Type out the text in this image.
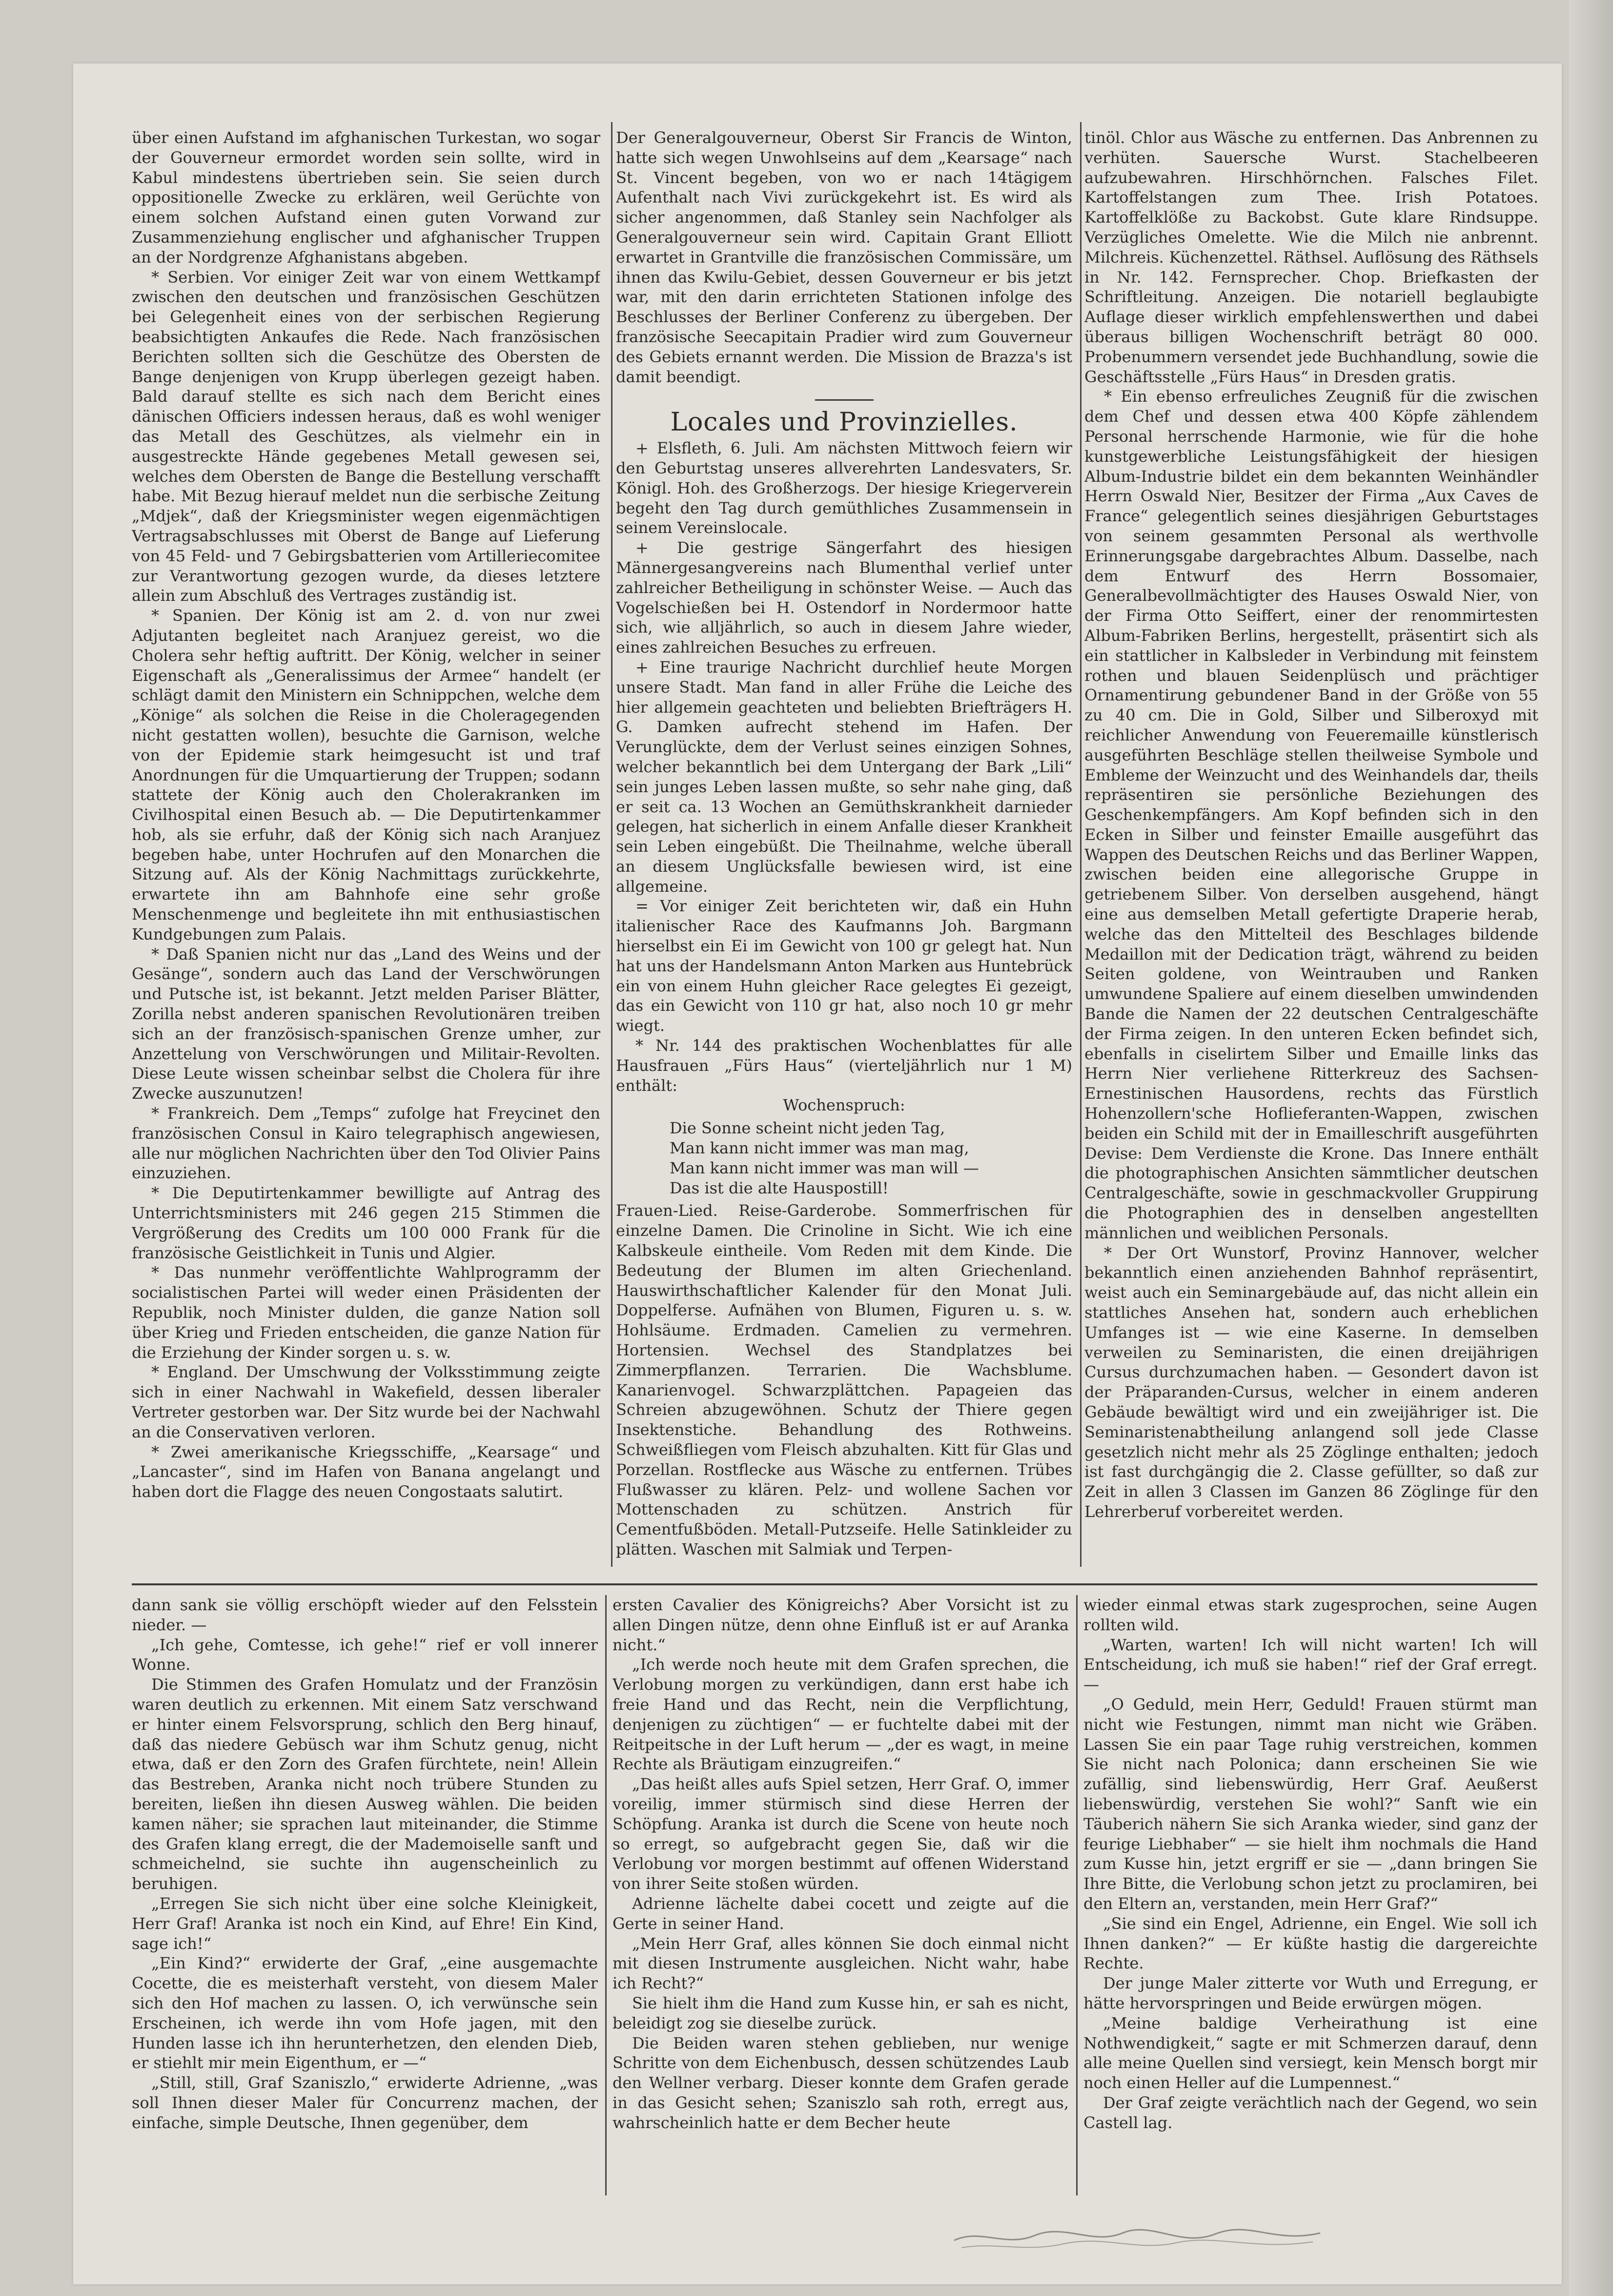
über einen Aufstand im afghanischen Turkestan, wo sogar der Gouverneur ermordet worden sein sollte, wird in Kabul mindestens übertrieben sein. Sie seien durch oppositionelle Zwecke zu erklären, weil Gerüchte von einem solchen Aufstand einen guten Vorwand zur Zusammenziehung englischer und afghanischer Truppen an der Nordgrenze Afghanistans abgeben.

* Serbien. Vor einiger Zeit war von einem Wettkampf zwischen den deutschen und französischen Geschützen bei Gelegenheit eines von der serbischen Regierung beabsichtigten Ankaufes die Rede. Nach französischen Berichten sollten sich die Geschütze des Obersten de Bange denjenigen von Krupp überlegen gezeigt haben. Bald darauf stellte es sich nach dem Bericht eines dänischen Officiers indessen heraus, daß es wohl weniger das Metall des Geschützes, als vielmehr ein in ausgestreckte Hände gegebenes Metall gewesen sei, welches dem Obersten de Bange die Bestellung verschafft habe. Mit Bezug hierauf meldet nun die serbische Zeitung „Mdjek“, daß der Kriegsminister wegen eigenmächtigen Vertragsabschlusses mit Oberst de Bange auf Lieferung von 45 Feld- und 7 Gebirgsbatterien vom Artilleriecomitee zur Verantwortung gezogen wurde, da dieses letztere allein zum Abschluß des Vertrages zuständig ist.

* Spanien. Der König ist am 2. d. von nur zwei Adjutanten begleitet nach Aranjuez gereist, wo die Cholera sehr heftig auftritt. Der König, welcher in seiner Eigenschaft als „Generalissimus der Armee“ handelt (er schlägt damit den Ministern ein Schnippchen, welche dem „Könige“ als solchen die Reise in die Choleragegenden nicht gestatten wollen), besuchte die Garnison, welche von der Epidemie stark heimgesucht ist und traf Anordnungen für die Umquartierung der Truppen; sodann stattete der König auch den Cholerakranken im Civilhospital einen Besuch ab. — Die Deputirtenkammer hob, als sie erfuhr, daß der König sich nach Aranjuez begeben habe, unter Hochrufen auf den Monarchen die Sitzung auf. Als der König Nachmittags zurückkehrte, erwartete ihn am Bahnhofe eine sehr große Menschenmenge und begleitete ihn mit enthusiastischen Kundgebungen zum Palais.

* Daß Spanien nicht nur das „Land des Weins und der Gesänge“, sondern auch das Land der Verschwörungen und Putsche ist, ist bekannt. Jetzt melden Pariser Blätter, Zorilla nebst anderen spanischen Revolutionären treiben sich an der französisch-spanischen Grenze umher, zur Anzettelung von Verschwörungen und Militair-Revolten. Diese Leute wissen scheinbar selbst die Cholera für ihre Zwecke auszunutzen!

* Frankreich. Dem „Temps“ zufolge hat Freycinet den französischen Consul in Kairo telegraphisch angewiesen, alle nur möglichen Nachrichten über den Tod Olivier Pains einzuziehen.

* Die Deputirtenkammer bewilligte auf Antrag des Unterrichtsministers mit 246 gegen 215 Stimmen die Vergrößerung des Credits um 100 000 Frank für die französische Geistlichkeit in Tunis und Algier.

* Das nunmehr veröffentlichte Wahlprogramm der socialistischen Partei will weder einen Präsidenten der Republik, noch Minister dulden, die ganze Nation soll über Krieg und Frieden entscheiden, die ganze Nation für die Erziehung der Kinder sorgen u. s. w.

* England. Der Umschwung der Volksstimmung zeigte sich in einer Nachwahl in Wakefield, dessen liberaler Vertreter gestorben war. Der Sitz wurde bei der Nachwahl an die Conservativen verloren.

* Zwei amerikanische Kriegsschiffe, „Kearsage“ und „Lancaster“, sind im Hafen von Banana angelangt und haben dort die Flagge des neuen Congostaats salutirt.

Der Generalgouverneur, Oberst Sir Francis de Winton, hatte sich wegen Unwohlseins auf dem „Kearsage“ nach St. Vincent begeben, von wo er nach 14tägigem Aufenthalt nach Vivi zurückgekehrt ist. Es wird als sicher angenommen, daß Stanley sein Nachfolger als Generalgouverneur sein wird. Capitain Grant Elliott erwartet in Grantville die französischen Commissäre, um ihnen das Kwilu-Gebiet, dessen Gouverneur er bis jetzt war, mit den darin errichteten Stationen infolge des Beschlusses der Berliner Conferenz zu übergeben. Der französische Seecapitain Pradier wird zum Gouverneur des Gebiets ernannt werden. Die Mission de Brazza's ist damit beendigt.

Locales und Provinzielles.

+ Elsfleth, 6. Juli. Am nächsten Mittwoch feiern wir den Geburtstag unseres allverehrten Landesvaters, Sr. Königl. Hoh. des Großherzogs. Der hiesige Kriegerverein begeht den Tag durch gemüthliches Zusammensein in seinem Vereinslocale.

+ Die gestrige Sängerfahrt des hiesigen Männergesangvereins nach Blumenthal verlief unter zahlreicher Betheiligung in schönster Weise. — Auch das Vogelschießen bei H. Ostendorf in Nordermoor hatte sich, wie alljährlich, so auch in diesem Jahre wieder, eines zahlreichen Besuches zu erfreuen.

+ Eine traurige Nachricht durchlief heute Morgen unsere Stadt. Man fand in aller Frühe die Leiche des hier allgemein geachteten und beliebten Briefträgers H. G. Damken aufrecht stehend im Hafen. Der Verunglückte, dem der Verlust seines einzigen Sohnes, welcher bekanntlich bei dem Untergang der Bark „Lili“ sein junges Leben lassen mußte, so sehr nahe ging, daß er seit ca. 13 Wochen an Gemüthskrankheit darnieder gelegen, hat sicherlich in einem Anfalle dieser Krankheit sein Leben eingebüßt. Die Theilnahme, welche überall an diesem Unglücksfalle bewiesen wird, ist eine allgemeine.

= Vor einiger Zeit berichteten wir, daß ein Huhn italienischer Race des Kaufmanns Joh. Bargmann hierselbst ein Ei im Gewicht von 100 gr gelegt hat. Nun hat uns der Handelsmann Anton Marken aus Huntebrück ein von einem Huhn gleicher Race gelegtes Ei gezeigt, das ein Gewicht von 110 gr hat, also noch 10 gr mehr wiegt.

* Nr. 144 des praktischen Wochenblattes für alle Hausfrauen „Fürs Haus“ (vierteljährlich nur 1 M) enthält:

Wochenspruch:

Die Sonne scheint nicht jeden Tag,
Man kann nicht immer was man mag,
Man kann nicht immer was man will —
Das ist die alte Hauspostill!

Frauen-Lied. Reise-Garderobe. Sommerfrischen für einzelne Damen. Die Crinoline in Sicht. Wie ich eine Kalbskeule eintheile. Vom Reden mit dem Kinde. Die Bedeutung der Blumen im alten Griechenland. Hauswirthschaftlicher Kalender für den Monat Juli. Doppelferse. Aufnähen von Blumen, Figuren u. s. w. Hohlsäume. Erdmaden. Camelien zu vermehren. Hortensien. Wechsel des Standplatzes bei Zimmerpflanzen. Terrarien. Die Wachsblume. Kanarienvogel. Schwarzplättchen. Papageien das Schreien abzugewöhnen. Schutz der Thiere gegen Insektenstiche. Behandlung des Rothweins. Schweißfliegen vom Fleisch abzuhalten. Kitt für Glas und Porzellan. Rostflecke aus Wäsche zu entfernen. Trübes Flußwasser zu klären. Pelz- und wollene Sachen vor Mottenschaden zu schützen. Anstrich für Cementfußböden. Metall-Putzseife. Helle Satinkleider zu plätten. Waschen mit Salmiak und Terpen-

tinöl. Chlor aus Wäsche zu entfernen. Das Anbrennen zu verhüten. Sauersche Wurst. Stachelbeeren aufzubewahren. Hirschhörnchen. Falsches Filet. Kartoffelstangen zum Thee. Irish Potatoes. Kartoffelklöße zu Backobst. Gute klare Rindsuppe. Verzügliches Omelette. Wie die Milch nie anbrennt. Milchreis. Küchenzettel. Räthsel. Auflösung des Räthsels in Nr. 142. Fernsprecher. Chop. Briefkasten der Schriftleitung. Anzeigen. Die notariell beglaubigte Auflage dieser wirklich empfehlenswerthen und dabei überaus billigen Wochenschrift beträgt 80 000. Probenummern versendet jede Buchhandlung, sowie die Geschäftsstelle „Fürs Haus“ in Dresden gratis.

* Ein ebenso erfreuliches Zeugniß für die zwischen dem Chef und dessen etwa 400 Köpfe zählendem Personal herrschende Harmonie, wie für die hohe kunstgewerbliche Leistungsfähigkeit der hiesigen Album-Industrie bildet ein dem bekannten Weinhändler Herrn Oswald Nier, Besitzer der Firma „Aux Caves de France“ gelegentlich seines diesjährigen Geburtstages von seinem gesammten Personal als werthvolle Erinnerungsgabe dargebrachtes Album. Dasselbe, nach dem Entwurf des Herrn Bossomaier, Generalbevollmächtigter des Hauses Oswald Nier, von der Firma Otto Seiffert, einer der renommirtesten Album-Fabriken Berlins, hergestellt, präsentirt sich als ein stattlicher in Kalbsleder in Verbindung mit feinstem rothen und blauen Seidenplüsch und prächtiger Ornamentirung gebundener Band in der Größe von 55 zu 40 cm. Die in Gold, Silber und Silberoxyd mit reichlicher Anwendung von Feueremaille künstlerisch ausgeführten Beschläge stellen theilweise Symbole und Embleme der Weinzucht und des Weinhandels dar, theils repräsentiren sie persönliche Beziehungen des Geschenkempfängers. Am Kopf befinden sich in den Ecken in Silber und feinster Emaille ausgeführt das Wappen des Deutschen Reichs und das Berliner Wappen, zwischen beiden eine allegorische Gruppe in getriebenem Silber. Von derselben ausgehend, hängt eine aus demselben Metall gefertigte Draperie herab, welche das den Mittelteil des Beschlages bildende Medaillon mit der Dedication trägt, während zu beiden Seiten goldene, von Weintrauben und Ranken umwundene Spaliere auf einem dieselben umwindenden Bande die Namen der 22 deutschen Centralgeschäfte der Firma zeigen. In den unteren Ecken befindet sich, ebenfalls in ciselirtem Silber und Emaille links das Herrn Nier verliehene Ritterkreuz des Sachsen-Ernestinischen Hausordens, rechts das Fürstlich Hohenzollern'sche Hoflieferanten-Wappen, zwischen beiden ein Schild mit der in Emailleschrift ausgeführten Devise: Dem Verdienste die Krone. Das Innere enthält die photographischen Ansichten sämmtlicher deutschen Centralgeschäfte, sowie in geschmackvoller Gruppirung die Photographien des in denselben angestellten männlichen und weiblichen Personals.

* Der Ort Wunstorf, Provinz Hannover, welcher bekanntlich einen anziehenden Bahnhof repräsentirt, weist auch ein Seminargebäude auf, das nicht allein ein stattliches Ansehen hat, sondern auch erheblichen Umfanges ist — wie eine Kaserne. In demselben verweilen zu Seminaristen, die einen dreijährigen Cursus durchzumachen haben. — Gesondert davon ist der Präparanden-Cursus, welcher in einem anderen Gebäude bewältigt wird und ein zweijähriger ist. Die Seminaristenabtheilung anlangend soll jede Classe gesetzlich nicht mehr als 25 Zöglinge enthalten; jedoch ist fast durchgängig die 2. Classe gefüllter, so daß zur Zeit in allen 3 Classen im Ganzen 86 Zöglinge für den Lehrerberuf vorbereitet werden.

dann sank sie völlig erschöpft wieder auf den Felsstein nieder. —

„Ich gehe, Comtesse, ich gehe!“ rief er voll innerer Wonne.

Die Stimmen des Grafen Homulatz und der Französin waren deutlich zu erkennen. Mit einem Satz verschwand er hinter einem Felsvorsprung, schlich den Berg hinauf, daß das niedere Gebüsch war ihm Schutz genug, nicht etwa, daß er den Zorn des Grafen fürchtete, nein! Allein das Bestreben, Aranka nicht noch trübere Stunden zu bereiten, ließen ihn diesen Ausweg wählen. Die beiden kamen näher; sie sprachen laut miteinander, die Stimme des Grafen klang erregt, die der Mademoiselle sanft und schmeichelnd, sie suchte ihn augenscheinlich zu beruhigen.

„Erregen Sie sich nicht über eine solche Kleinigkeit, Herr Graf! Aranka ist noch ein Kind, auf Ehre! Ein Kind, sage ich!“

„Ein Kind?“ erwiderte der Graf, „eine ausgemachte Cocette, die es meisterhaft versteht, von diesem Maler sich den Hof machen zu lassen. O, ich verwünsche sein Erscheinen, ich werde ihn vom Hofe jagen, mit den Hunden lasse ich ihn herunterhetzen, den elenden Dieb, er stiehlt mir mein Eigenthum, er —“

„Still, still, Graf Szaniszlo,“ erwiderte Adrienne, „was soll Ihnen dieser Maler für Concurrenz machen, der einfache, simple Deutsche, Ihnen gegenüber, dem

ersten Cavalier des Königreichs? Aber Vorsicht ist zu allen Dingen nütze, denn ohne Einfluß ist er auf Aranka nicht.“

„Ich werde noch heute mit dem Grafen sprechen, die Verlobung morgen zu verkündigen, dann erst habe ich freie Hand und das Recht, nein die Verpflichtung, denjenigen zu züchtigen“ — er fuchtelte dabei mit der Reitpeitsche in der Luft herum — „der es wagt, in meine Rechte als Bräutigam einzugreifen.“

„Das heißt alles aufs Spiel setzen, Herr Graf. O, immer voreilig, immer stürmisch sind diese Herren der Schöpfung. Aranka ist durch die Scene von heute noch so erregt, so aufgebracht gegen Sie, daß wir die Verlobung vor morgen bestimmt auf offenen Widerstand von ihrer Seite stoßen würden.

Adrienne lächelte dabei cocett und zeigte auf die Gerte in seiner Hand.

„Mein Herr Graf, alles können Sie doch einmal nicht mit diesen Instrumente ausgleichen. Nicht wahr, habe ich Recht?“

Sie hielt ihm die Hand zum Kusse hin, er sah es nicht, beleidigt zog sie dieselbe zurück.

Die Beiden waren stehen geblieben, nur wenige Schritte von dem Eichenbusch, dessen schützendes Laub den Wellner verbarg. Dieser konnte dem Grafen gerade in das Gesicht sehen; Szaniszlo sah roth, erregt aus, wahrscheinlich hatte er dem Becher heute

wieder einmal etwas stark zugesprochen, seine Augen rollten wild.

„Warten, warten! Ich will nicht warten! Ich will Entscheidung, ich muß sie haben!“ rief der Graf erregt. —

„O Geduld, mein Herr, Geduld! Frauen stürmt man nicht wie Festungen, nimmt man nicht wie Gräben. Lassen Sie ein paar Tage ruhig verstreichen, kommen Sie nicht nach Polonica; dann erscheinen Sie wie zufällig, sind liebenswürdig, Herr Graf. Aeußerst liebenswürdig, verstehen Sie wohl?“ Sanft wie ein Täuberich nähern Sie sich Aranka wieder, sind ganz der feurige Liebhaber“ — sie hielt ihm nochmals die Hand zum Kusse hin, jetzt ergriff er sie — „dann bringen Sie Ihre Bitte, die Verlobung schon jetzt zu proclamiren, bei den Eltern an, verstanden, mein Herr Graf?“

„Sie sind ein Engel, Adrienne, ein Engel. Wie soll ich Ihnen danken?“ — Er küßte hastig die dargereichte Rechte.

Der junge Maler zitterte vor Wuth und Erregung, er hätte hervorspringen und Beide erwürgen mögen.

„Meine baldige Verheirathung ist eine Nothwendigkeit,“ sagte er mit Schmerzen darauf, denn alle meine Quellen sind versiegt, kein Mensch borgt mir noch einen Heller auf die Lumpennest.“

Der Graf zeigte verächtlich nach der Gegend, wo sein Castell lag.
